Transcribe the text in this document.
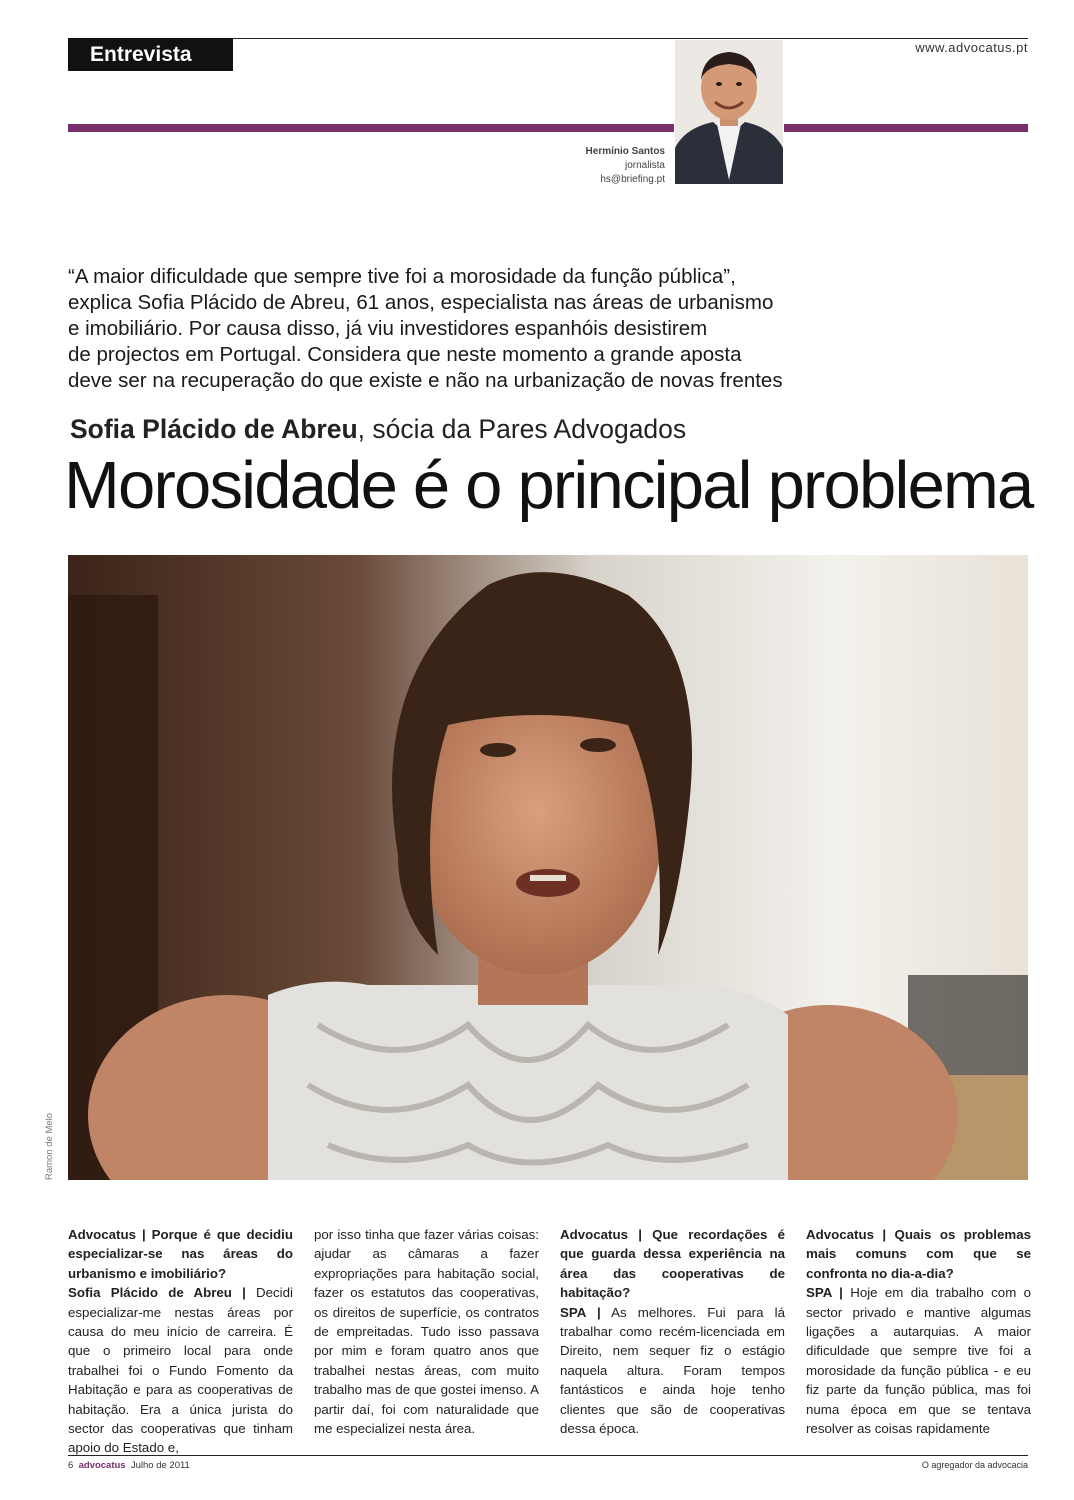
Entrevista	www.advocatus.pt
Hermínio Santos
jornalista
hs@briefing.pt
“A maior dificuldade que sempre tive foi a morosidade da função pública”,
explica Sofia Plácido de Abreu, 61 anos, especialista nas áreas de urbanismo
e imobiliário. Por causa disso, já viu investidores espanhóis desistirem
de projectos em Portugal. Considera que neste momento a grande aposta
deve ser na recuperação do que existe e não na urbanização de novas frentes
Sofia Plácido de Abreu, sócia da Pares Advogados
Morosidade é o principal problema
Ramon de Melo
Advocatus | Porque é que decidiu especializar-se nas áreas do urbanismo e imobiliário?
Sofia Plácido de Abreu | Decidi especializar-me nestas áreas por causa do meu início de carreira. É que o primeiro local para onde trabalhei foi o Fundo Fomento da Habitação e para as cooperativas de habitação. Era a única jurista do sector das cooperativas que tinham apoio do Estado e,
por isso tinha que fazer várias coisas: ajudar as câmaras a fazer expropriações para habitação social, fazer os estatutos das cooperativas, os direitos de superfície, os contratos de empreitadas. Tudo isso passava por mim e foram quatro anos que trabalhei nestas áreas, com muito trabalho mas de que gostei imenso. A partir daí, foi com naturalidade que me especializei nesta área.
Advocatus | Que recordações é que guarda dessa experiência na área das cooperativas de habitação?
SPA | As melhores. Fui para lá trabalhar como recém-licenciada em Direito, nem sequer fiz o estágio naquela altura. Foram tempos fantásticos e ainda hoje tenho clientes que são de cooperativas dessa época.
Advocatus | Quais os problemas mais comuns com que se confronta no dia-a-dia?
SPA | Hoje em dia trabalho com o sector privado e mantive algumas ligações a autarquias. A maior dificuldade que sempre tive foi a morosidade da função pública - e eu fiz parte da função pública, mas foi numa época em que se tentava resolver as coisas rapidamente
6 advocatus Julho de 2011	O agregador da advocacia
